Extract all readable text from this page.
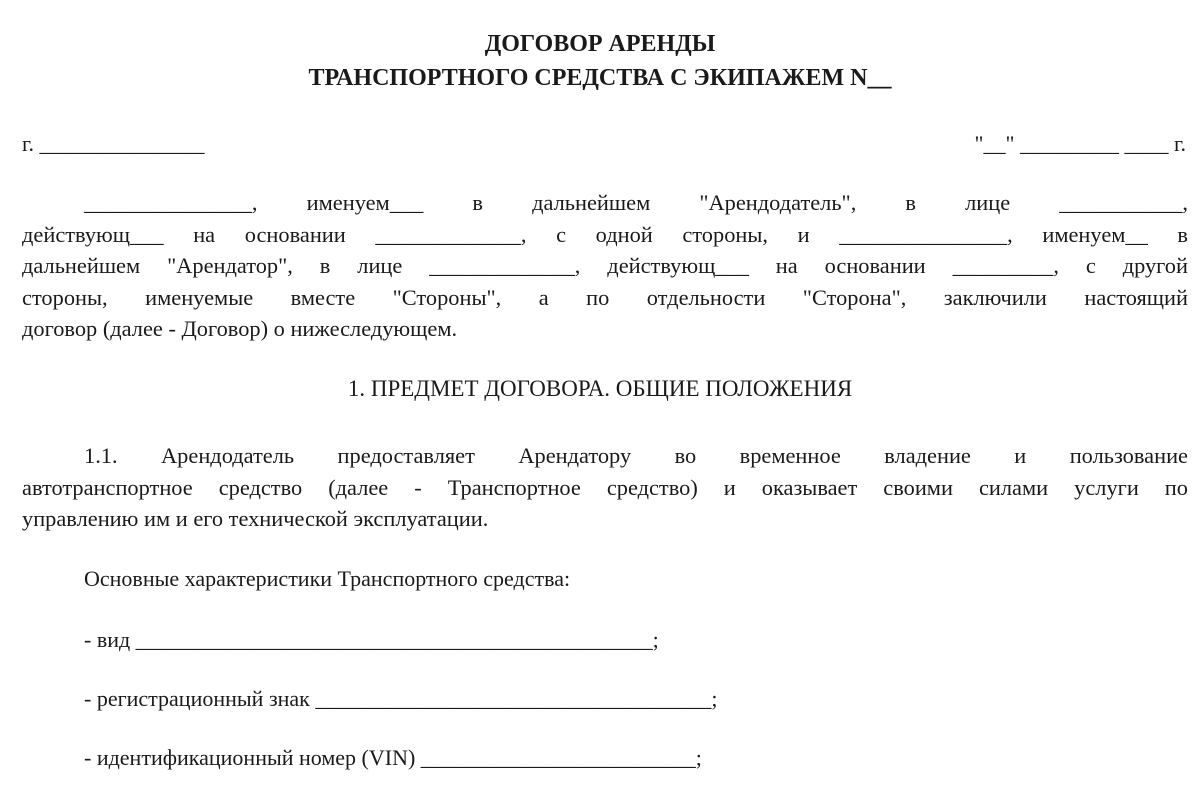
ДОГОВОР АРЕНДЫ
ТРАНСПОРТНОГО СРЕДСТВА С ЭКИПАЖЕМ N__
г. _______________	"__" _________ ____ г.
_______________,  именуем___  в  дальнейшем  "Арендодатель",  в  лице  ___________,
действующ___ на основании _____________, с одной стороны, и _______________, именуем__ в
дальнейшем "Арендатор", в лице _____________, действующ___ на основании _________, с другой
стороны, именуемые вместе "Стороны", а по отдельности "Сторона", заключили настоящий
договор (далее - Договор) о нижеследующем.
1. ПРЕДМЕТ ДОГОВОРА. ОБЩИЕ ПОЛОЖЕНИЯ
1.1. Арендодатель предоставляет Арендатору во временное владение и пользование
автотранспортное средство (далее - Транспортное средство) и оказывает своими силами услуги по
управлению им и его технической эксплуатации.
Основные характеристики Транспортного средства:
- вид _______________________________________________;
- регистрационный знак ____________________________________;
- идентификационный номер (VIN) _________________________;
